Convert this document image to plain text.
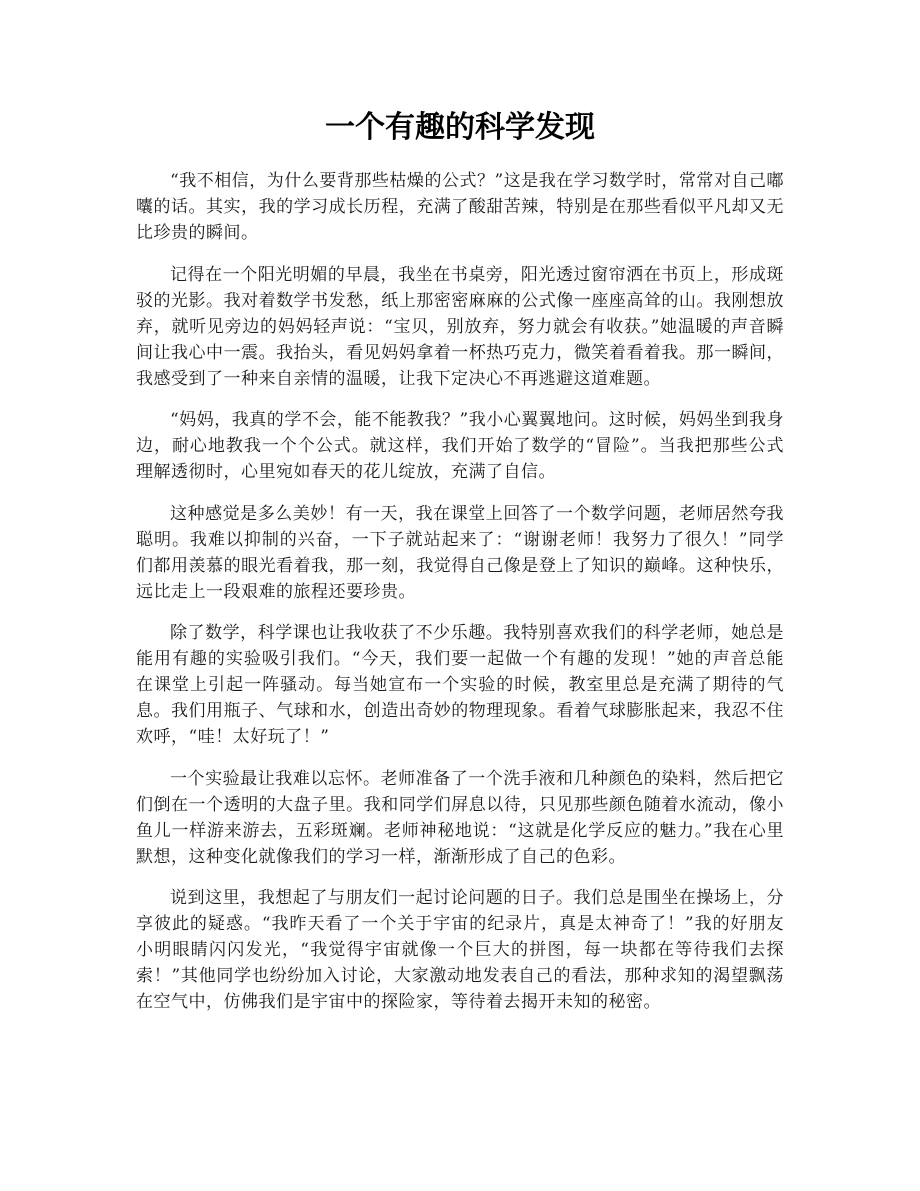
一个有趣的科学发现

“我不相信，为什么要背那些枯燥的公式？”这是我在学习数学时，常常对自己嘟囔的话。其实，我的学习成长历程，充满了酸甜苦辣，特别是在那些看似平凡却又无比珍贵的瞬间。

记得在一个阳光明媚的早晨，我坐在书桌旁，阳光透过窗帘洒在书页上，形成斑驳的光影。我对着数学书发愁，纸上那密密麻麻的公式像一座座高耸的山。我刚想放弃，就听见旁边的妈妈轻声说：“宝贝，别放弃，努力就会有收获。”她温暖的声音瞬间让我心中一震。我抬头，看见妈妈拿着一杯热巧克力，微笑着看着我。那一瞬间，我感受到了一种来自亲情的温暖，让我下定决心不再逃避这道难题。

“妈妈，我真的学不会，能不能教我？”我小心翼翼地问。这时候，妈妈坐到我身边，耐心地教我一个个公式。就这样，我们开始了数学的“冒险”。当我把那些公式理解透彻时，心里宛如春天的花儿绽放，充满了自信。

这种感觉是多么美妙！有一天，我在课堂上回答了一个数学问题，老师居然夸我聪明。我难以抑制的兴奋，一下子就站起来了：“谢谢老师！我努力了很久！”同学们都用羡慕的眼光看着我，那一刻，我觉得自己像是登上了知识的巅峰。这种快乐，远比走上一段艰难的旅程还要珍贵。

除了数学，科学课也让我收获了不少乐趣。我特别喜欢我们的科学老师，她总是能用有趣的实验吸引我们。“今天，我们要一起做一个有趣的发现！”她的声音总能在课堂上引起一阵骚动。每当她宣布一个实验的时候，教室里总是充满了期待的气息。我们用瓶子、气球和水，创造出奇妙的物理现象。看着气球膨胀起来，我忍不住欢呼，“哇！太好玩了！”

一个实验最让我难以忘怀。老师准备了一个洗手液和几种颜色的染料，然后把它们倒在一个透明的大盘子里。我和同学们屏息以待，只见那些颜色随着水流动，像小鱼儿一样游来游去，五彩斑斓。老师神秘地说：“这就是化学反应的魅力。”我在心里默想，这种变化就像我们的学习一样，渐渐形成了自己的色彩。

说到这里，我想起了与朋友们一起讨论问题的日子。我们总是围坐在操场上，分享彼此的疑惑。“我昨天看了一个关于宇宙的纪录片，真是太神奇了！”我的好朋友小明眼睛闪闪发光，“我觉得宇宙就像一个巨大的拼图，每一块都在等待我们去探索！”其他同学也纷纷加入讨论，大家激动地发表自己的看法，那种求知的渴望飘荡在空气中，仿佛我们是宇宙中的探险家，等待着去揭开未知的秘密。
